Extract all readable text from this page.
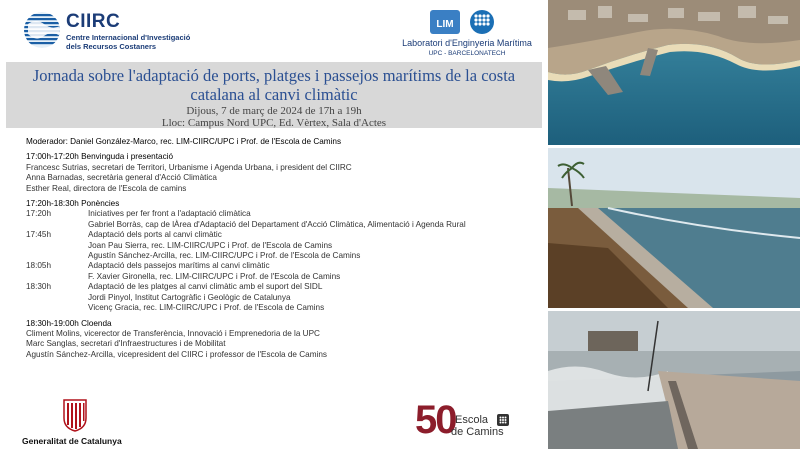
CIIRC
Centre Internacional d'Investigació dels Recursos Costaners
LIM
Laboratori d'Enginyeria Marítima
UPC - BARCELONATECH
Jornada sobre l'adaptació de ports, platges i passejos marítims de la costa catalana al canvi climàtic
Dijous, 7 de març de 2024 de 17h a 19h
Lloc: Campus Nord UPC, Ed. Vèrtex, Sala d'Actes
Moderador: Daniel González-Marco, rec. LIM-CIIRC/UPC i Prof. de l'Escola de Camins
17:00h-17:20h Benvinguda i presentació
Francesc Sutrias, secretari de Territori, Urbanisme i Agenda Urbana, i president del CIIRC
Anna Barnadas, secretària general d'Acció Climàtica
Esther Real, directora de l'Escola de camins
17:20h-18:30h Ponències
17:20h	Iniciatives per fer front a l'adaptació climàtica
Gabriel Borràs, cap de lÀrea d'Adaptació del Departament d'Acció Climàtica, Alimentació i Agenda Rural
17:45h	Adaptació dels ports al canvi climàtic
Joan Pau Sierra, rec. LIM-CIIRC/UPC i Prof. de l'Escola de Camins
Agustín Sánchez-Arcilla, rec. LIM-CIIRC/UPC i Prof. de l'Escola de Camins
18:05h	Adaptació dels passejos marítims al canvi climàtic
F. Xavier Gironella, rec. LIM-CIIRC/UPC i Prof. de l'Escola de Camins
18:30h	Adaptació de les platges al canvi climàtic amb el suport del SIDL
Jordi Pinyol, Institut Cartogràfic i Geològic de Catalunya
Vicenç Gracia, rec. LIM-CIIRC/UPC i Prof. de l'Escola de Camins
18:30h-19:00h Cloenda
Climent Molins, vicerector de Transferència, Innovació i Emprenedoria de la UPC
Marc Sanglas, secretari d'Infraestructures i de Mobilitat
Agustín Sánchez-Arcilla, vicepresident del CIIRC i professor de l'Escola de Camins
Generalitat de Catalunya	50 Escola
de Camins
